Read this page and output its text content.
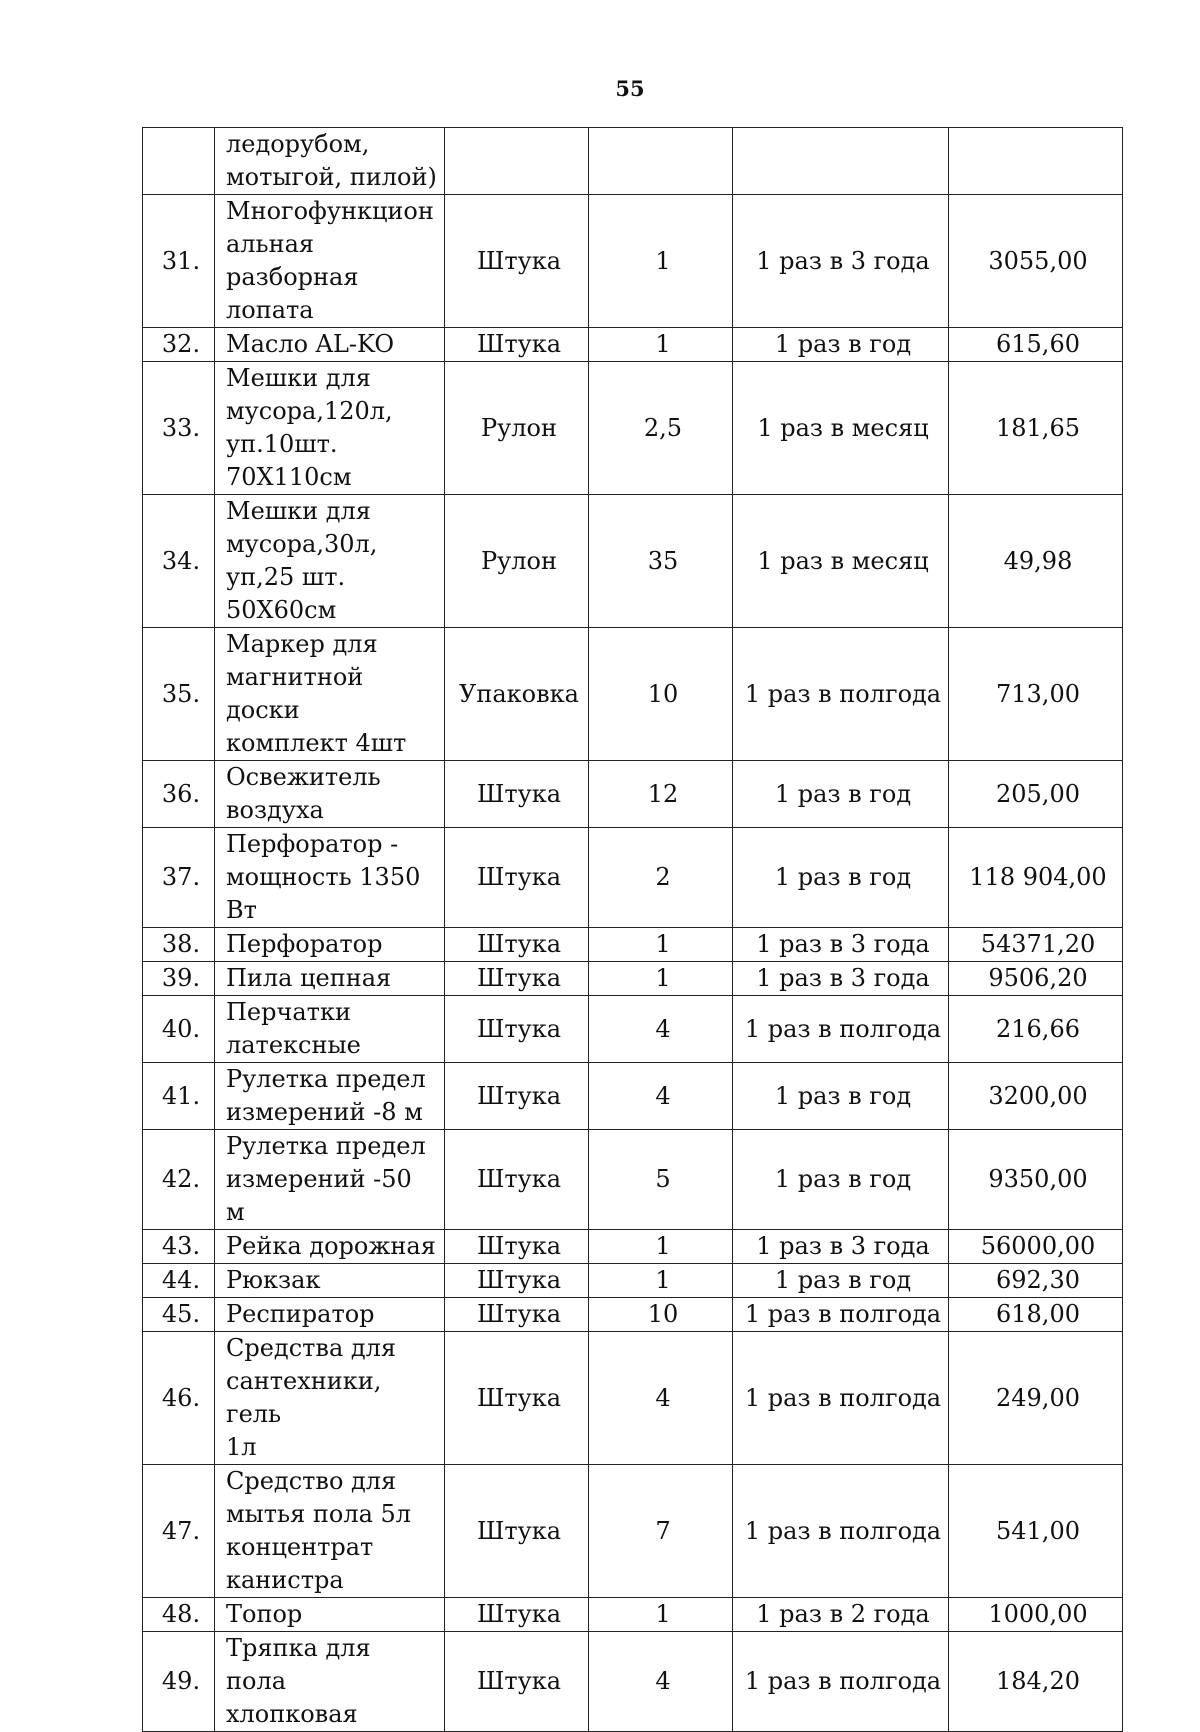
55

	ледорубом,
мотыгой, пилой)				

31.	Многофункцион
альная
разборная
лопата	Штука	1	1 раз в 3 года	3055,00
32.	Масло AL-KO	Штука	1	1 раз в год	615,60
33.	Мешки для
мусора,120л,
уп.10шт.
70Х110см	Рулон	2,5	1 раз в месяц	181,65
34.	Мешки для
мусора,30л,
уп,25 шт.
50Х60см	Рулон	35	1 раз в месяц	49,98
35.	Маркер для
магнитной доски
комплект 4шт	Упаковка	10	1 раз в полгода	713,00
36.	Освежитель
воздуха	Штука	12	1 раз в год	205,00
37.	Перфоратор -
мощность 1350
Вт	Штука	2	1 раз в год	118 904,00
38.	Перфоратор	Штука	1	1 раз в 3 года	54371,20
39.	Пила цепная	Штука	1	1 раз в 3 года	9506,20
40.	Перчатки
латексные	Штука	4	1 раз в полгода	216,66
41.	Рулетка предел
измерений -8 м	Штука	4	1 раз в год	3200,00
42.	Рулетка предел
измерений -50 м	Штука	5	1 раз в год	9350,00
43.	Рейка дорожная	Штука	1	1 раз в 3 года	56000,00
44.	Рюкзак	Штука	1	1 раз в год	692,30
45.	Респиратор	Штука	10	1 раз в полгода	618,00
46.	Средства для
сантехники, гель
1л	Штука	4	1 раз в полгода	249,00
47.	Средство для
мытья пола 5л
концентрат
канистра	Штука	7	1 раз в полгода	541,00
48.	Топор	Штука	1	1 раз в 2 года	1000,00
49.	Тряпка для пола
хлопковая	Штука	4	1 раз в полгода	184,20
